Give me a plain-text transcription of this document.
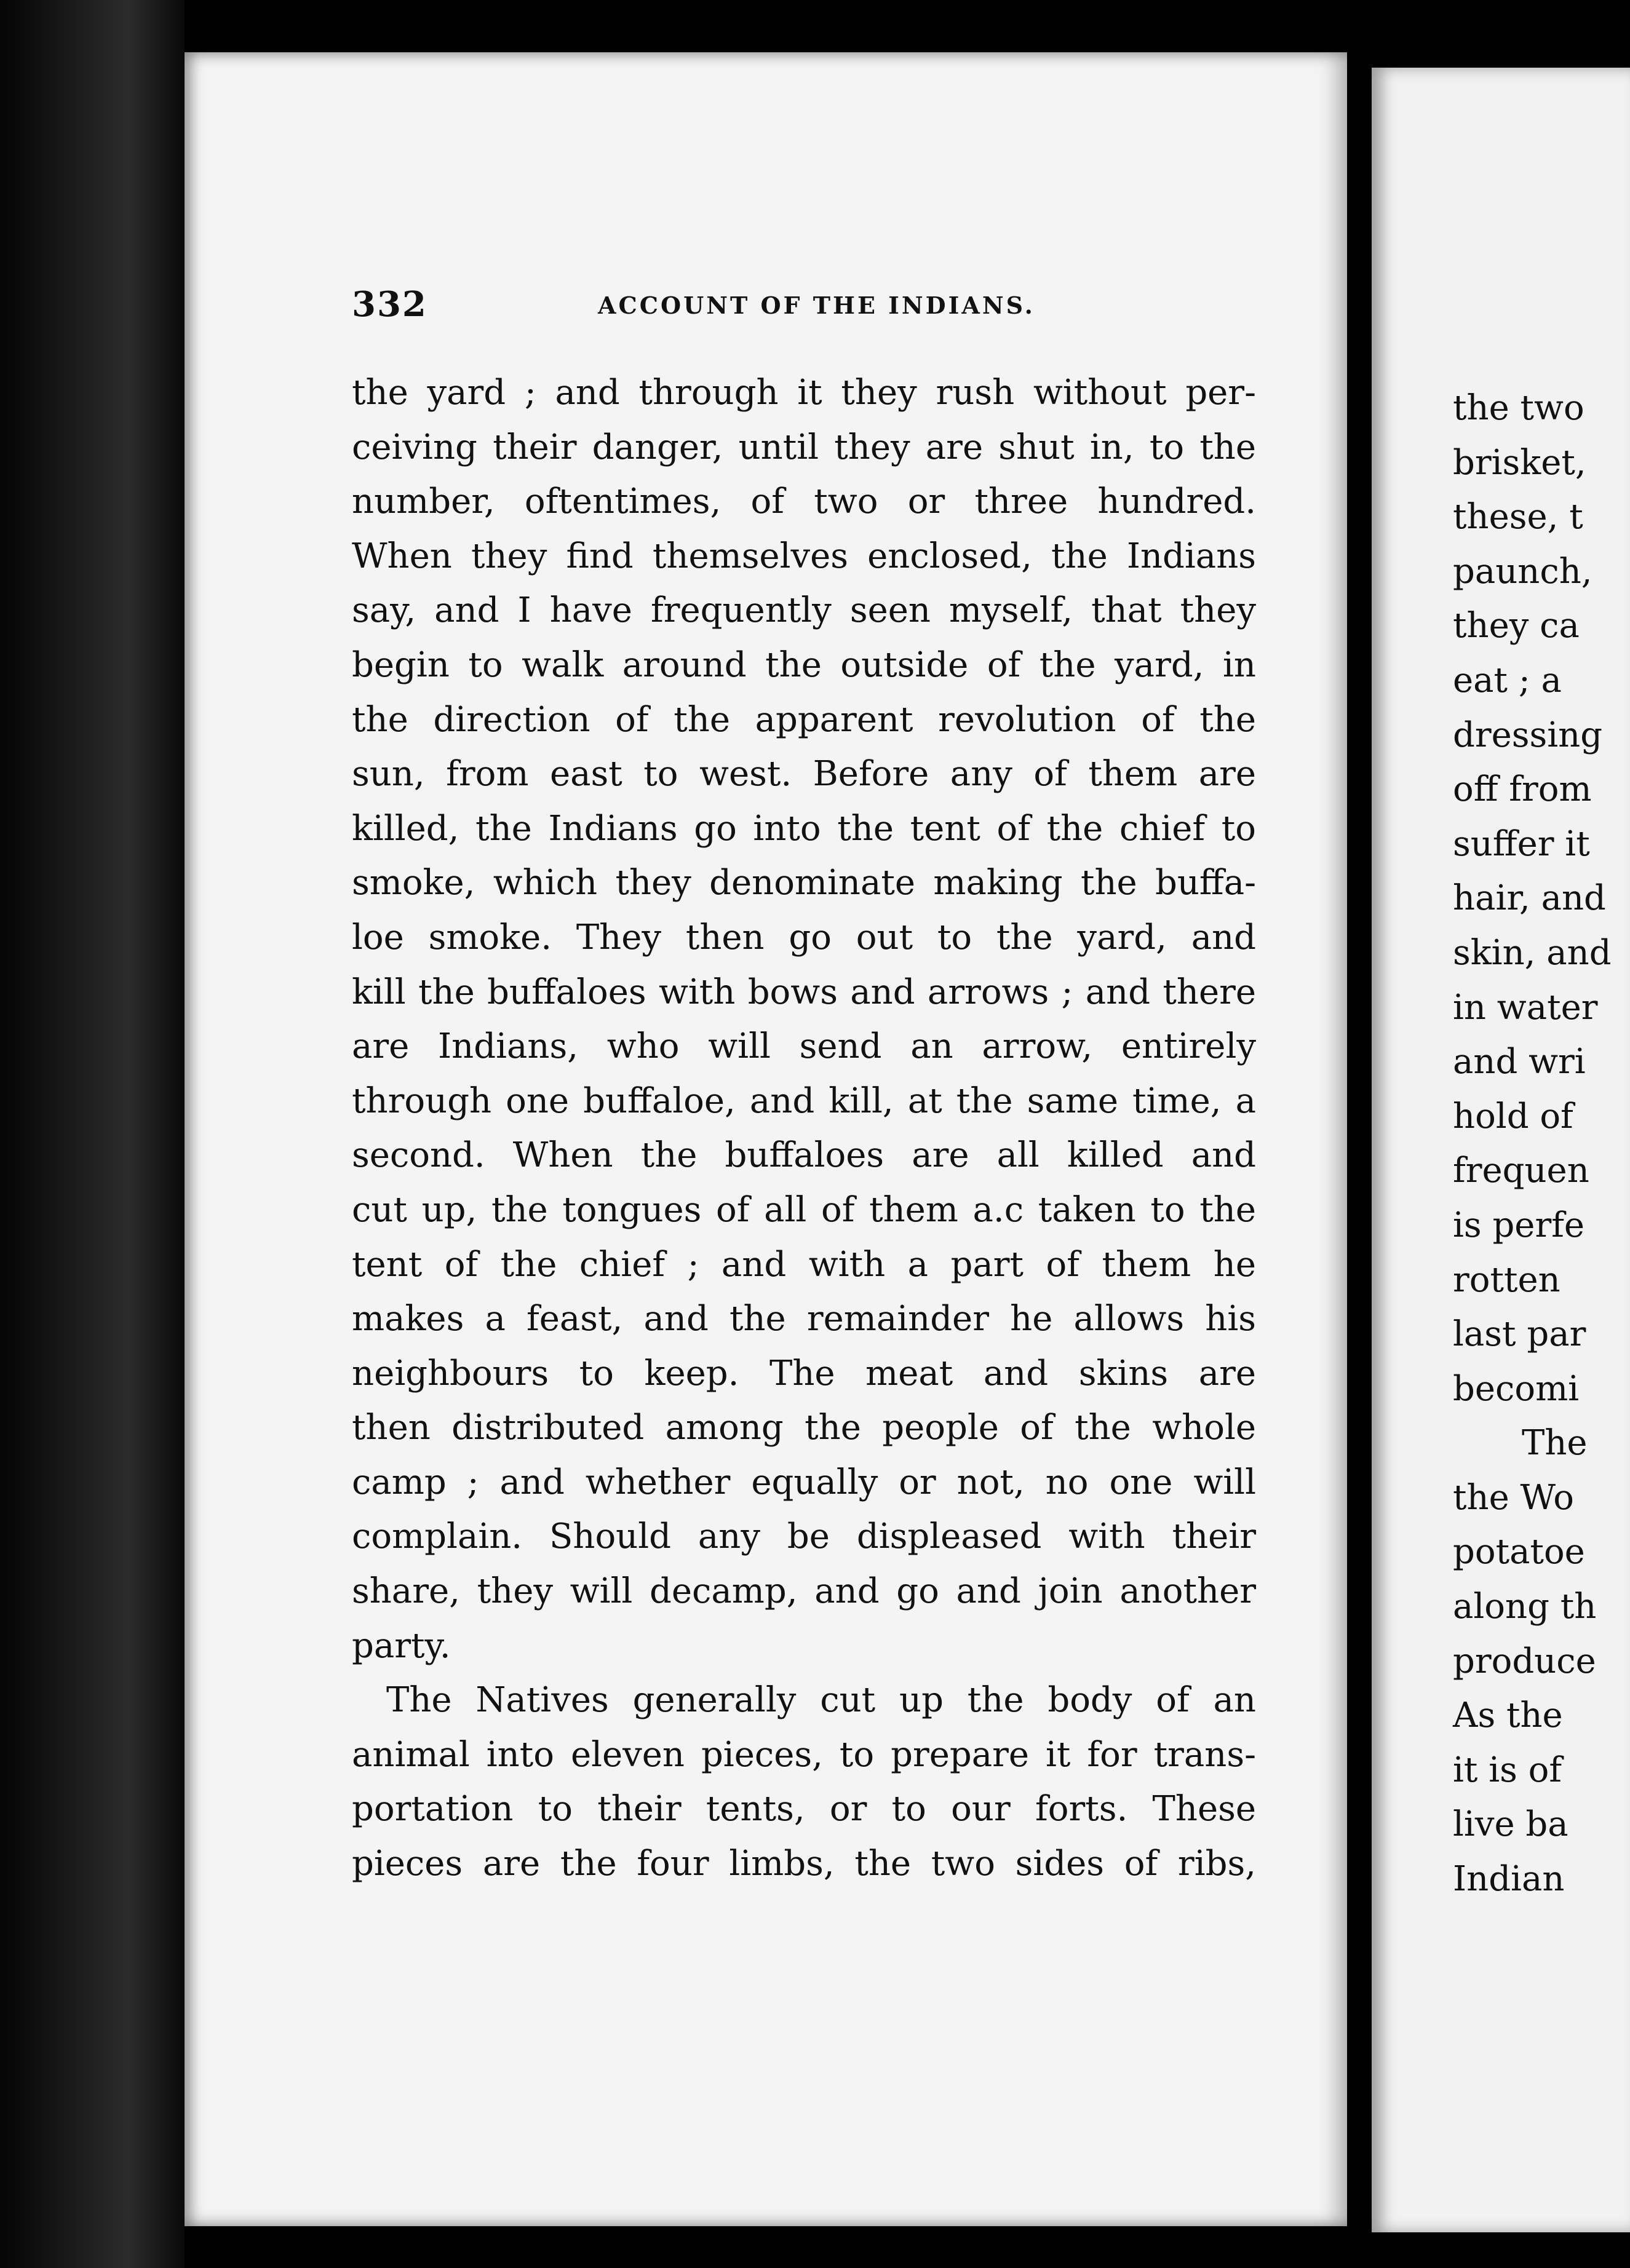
332	ACCOUNT OF THE INDIANS.
the yard ; and through it they rush without per-
ceiving their danger, until they are shut in, to the
number, oftentimes, of two or three hundred.
When they find themselves enclosed, the Indians
say, and I have frequently seen myself, that they
begin to walk around the outside of the yard, in
the direction of the apparent revolution of the
sun, from east to west. Before any of them are
killed, the Indians go into the tent of the chief to
smoke, which they denominate making the buffa-
loe smoke. They then go out to the yard, and
kill the buffaloes with bows and arrows ; and there
are Indians, who will send an arrow, entirely
through one buffaloe, and kill, at the same time, a
second. When the buffaloes are all killed and
cut up, the tongues of all of them a.c taken to the
tent of the chief ; and with a part of them he
makes a feast, and the remainder he allows his
neighbours to keep. The meat and skins are
then distributed among the people of the whole
camp ; and whether equally or not, no one will
complain. Should any be displeased with their
share, they will decamp, and go and join another
party.
The Natives generally cut up the body of an
animal into eleven pieces, to prepare it for trans-
portation to their tents, or to our forts. These
pieces are the four limbs, the two sides of ribs,
the two
brisket,
these, t
paunch,
they ca
eat ; a
dressing
off from
suffer it
hair, and
skin, and
in water
and wri
hold of
frequen
is perfe
rotten
last par
becomi
The
the Wo
potatoe
along th
produce
As the
it is of
live ba
Indian
